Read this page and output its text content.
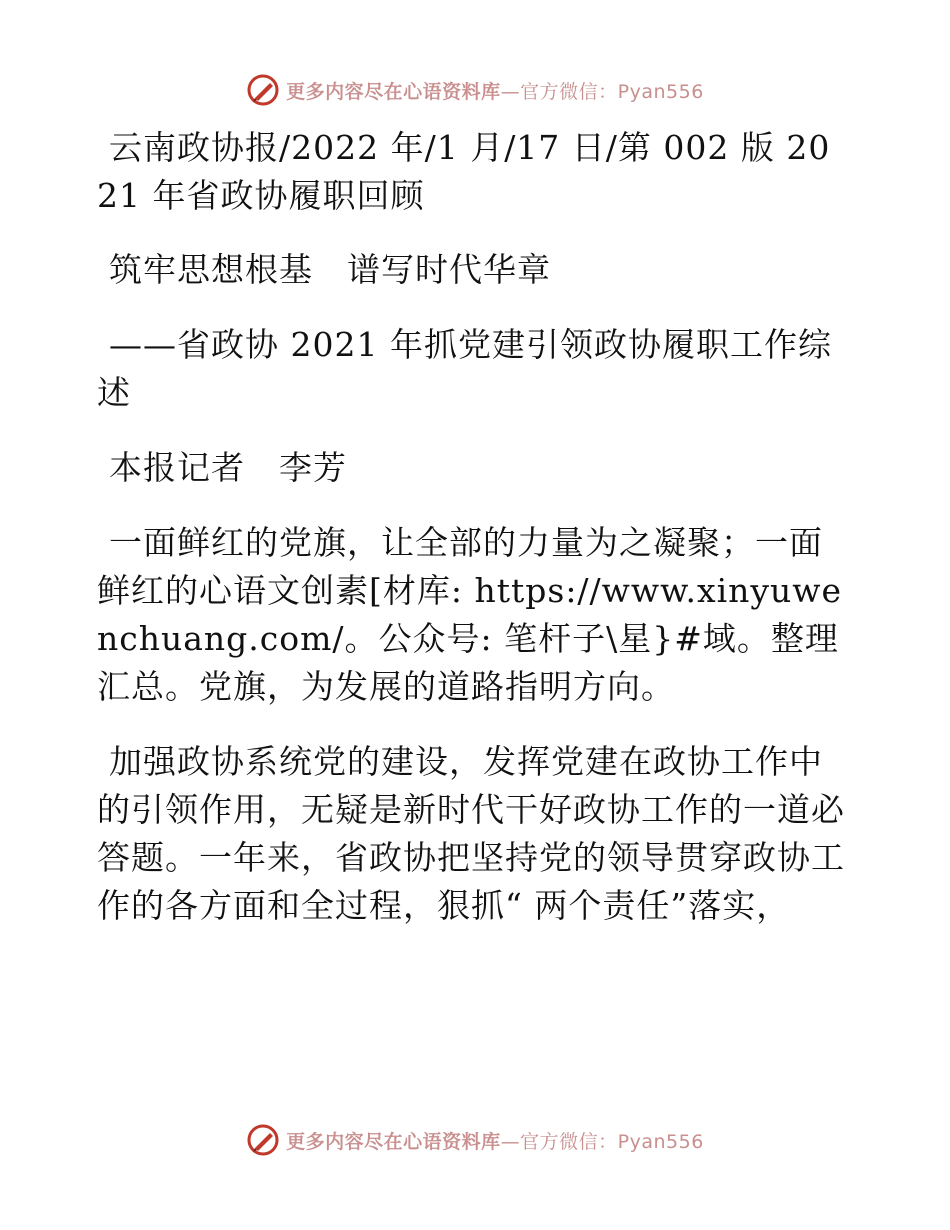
更多内容尽在心语资料库 —官方微信：Pyan556

云南政协报/2022 年/1 月/17 日/第 002 版 2021 年省政协履职回顾

筑牢思想根基　谱写时代华章

——省政协 2021 年抓党建引领政协履职工作综述

本报记者　李芳

一面鲜红的党旗，让全部的力量为之凝聚；一面鲜红的心语文创素[材库: https://www.xinyuwenchuang.com/。公众号: 笔杆子\星}#域。整理汇总。党旗，为发展的道路指明方向。

加强政协系统党的建设，发挥党建在政协工作中的引领作用，无疑是新时代干好政协工作的一道必答题。一年来，省政协把坚持党的领导贯穿政协工作的各方面和全过程，狠抓“ 两个责任”落实，

更多内容尽在心语资料库 —官方微信：Pyan556
